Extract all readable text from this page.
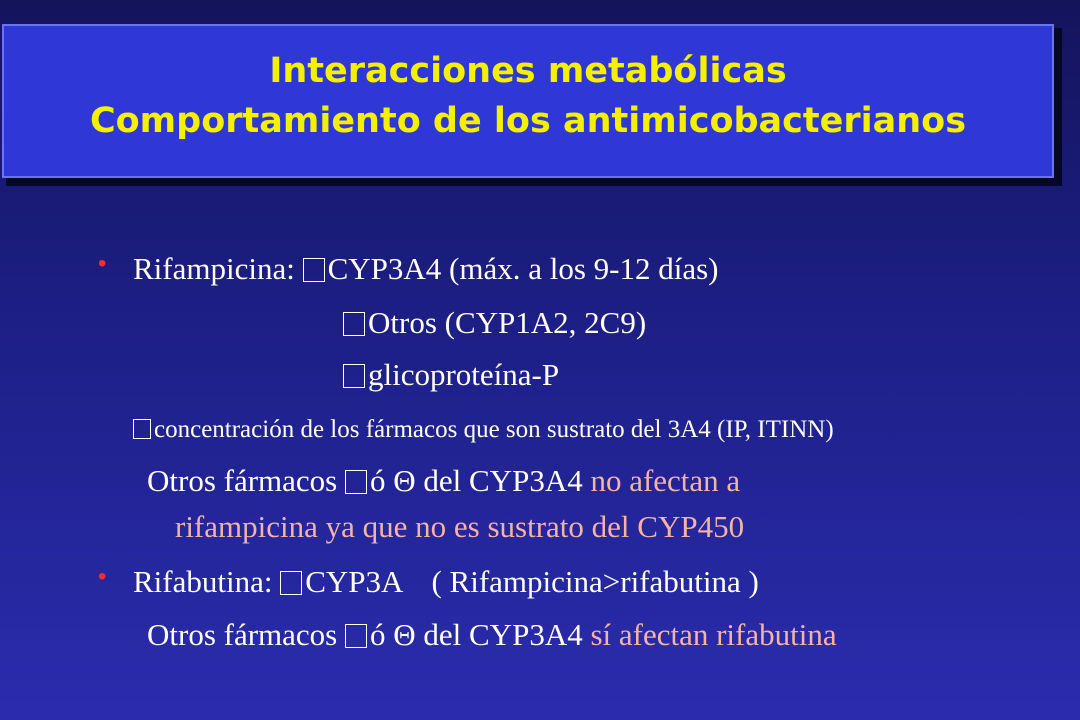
Interacciones metabólicas
Comportamiento de los antimicobacterianos
• Rifampicina: CYP3A4 (máx. a los 9-12 días)
Otros (CYP1A2, 2C9)
glicoproteína-P
concentración de los fármacos que son sustrato del 3A4 (IP, ITINN)
Otros fármacos ó Θ del CYP3A4 no afectan a
rifampicina ya que no es sustrato del CYP450
• Rifabutina: CYP3A ( Rifampicina>rifabutina )
Otros fármacos ó Θ del CYP3A4 sí afectan rifabutina
